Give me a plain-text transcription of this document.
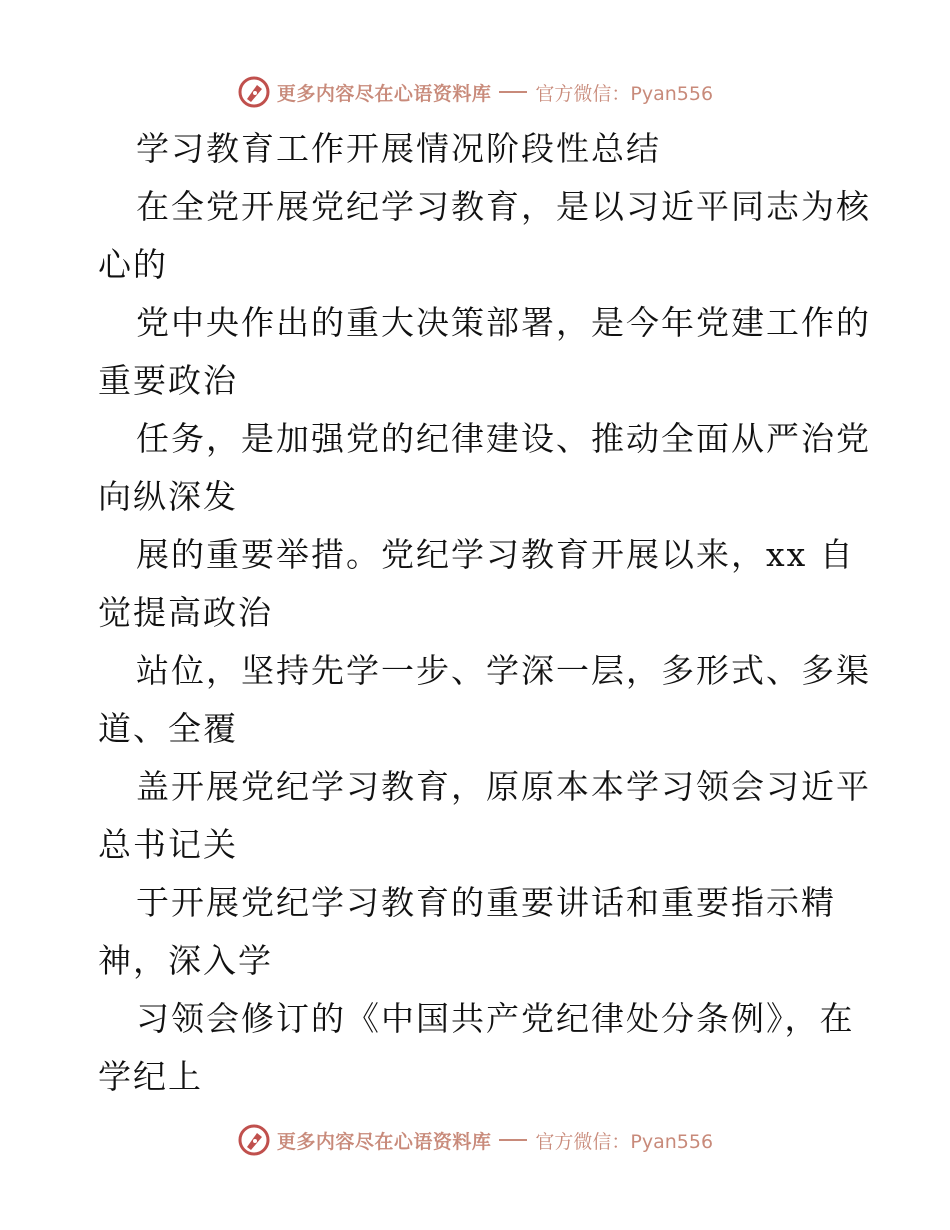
更多内容尽在心语资料库 官方微信：Pyan556
学习教育工作开展情况阶段性总结
在全党开展党纪学习教育，是以习近平同志为核
心的
党中央作出的重大决策部署，是今年党建工作的
重要政治
任务，是加强党的纪律建设、推动全面从严治党
向纵深发
展的重要举措。党纪学习教育开展以来，xx 自
觉提高政治
站位，坚持先学一步、学深一层，多形式、多渠
道、全覆
盖开展党纪学习教育，原原本本学习领会习近平
总书记关
于开展党纪学习教育的重要讲话和重要指示精
神，深入学
习领会修订的《中国共产党纪律处分条例》，在
学纪上
更多内容尽在心语资料库 官方微信：Pyan556
